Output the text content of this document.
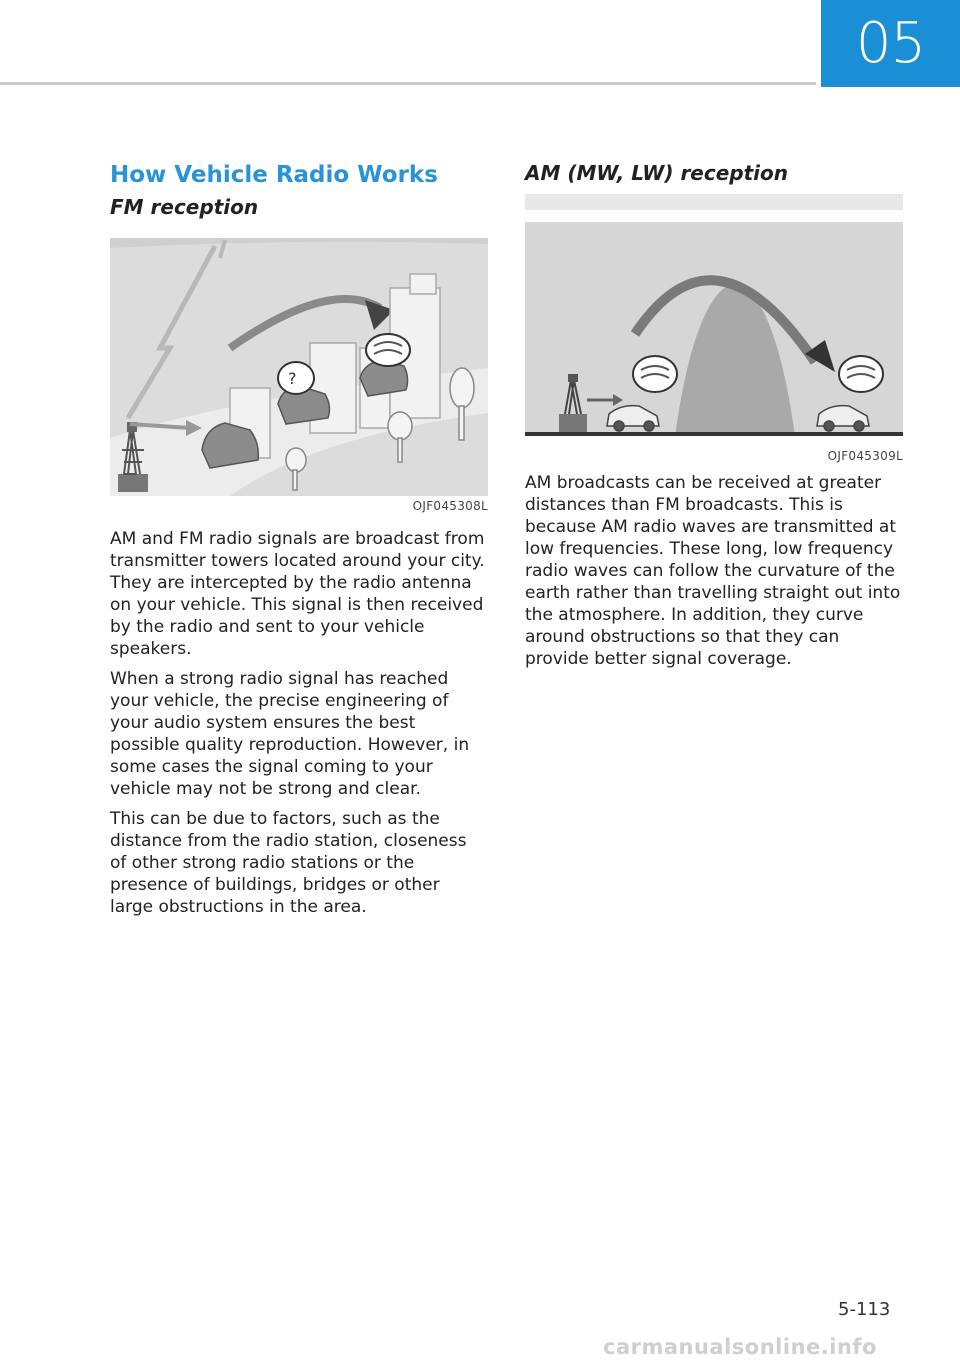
05
How Vehicle Radio Works
FM reception
?
OJF045308L

AM and FM radio signals are broadcast from transmitter towers located around your city. They are intercepted by the radio antenna on your vehicle. This signal is then received by the radio and sent to your vehicle speakers.

When a strong radio signal has reached your vehicle, the precise engineering of your audio system ensures the best possible quality reproduction. However, in some cases the signal coming to your vehicle may not be strong and clear.

This can be due to factors, such as the distance from the radio station, closeness of other strong radio stations or the presence of buildings, bridges or other large obstructions in the area.

AM (MW, LW) reception
OJF045309L

AM broadcasts can be received at greater distances than FM broadcasts. This is because AM radio waves are transmitted at low frequencies. These long, low frequency radio waves can follow the curvature of the earth rather than travelling straight out into the atmosphere. In addition, they curve around obstructions so that they can provide better signal coverage.

5-113
carmanualsonline.info
